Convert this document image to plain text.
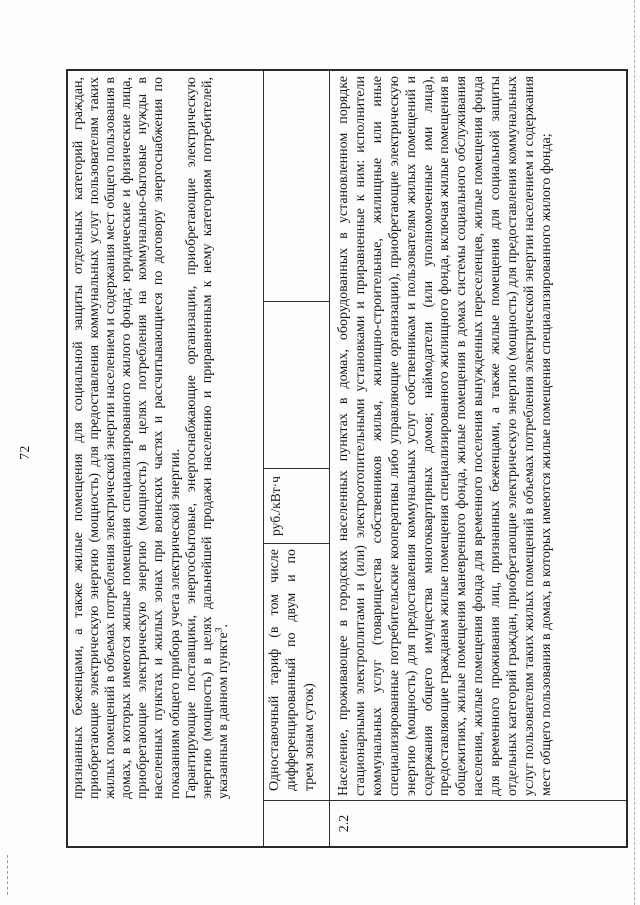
72	признанных беженцами, а также жилые помещения для социальной защиты отдельных категорий граждан, приобретающие электрическую энергию (мощность) для предоставления коммунальных услуг пользователям таких жилых помещений в объемах потребления электрической энергии населением и содержания мест общего пользования в домах, в которых имеются жилые помещения специализированного жилого фонда; юридические и физические лица, приобретающие электрическую энергию (мощность) в целях потребления на коммунально-бытовые нужды в населенных пунктах и жилых зонах при воинских частях и рассчитывающиеся по договору энергоснабжения по показаниям общего прибора учета электрической энергии. Гарантирующие поставщики, энергосбытовые, энергоснабжающие организации, приобретающие электрическую энергию (мощность) в целях дальнейшей продажи населению и приравненным к нему категориям потребителей, указанным в данном пункте$^3$.	Одноставочный тариф (в том числе дифференцированный по двум и по трем зонам суток)

руб./кВт·ч
2.2

Население, проживающее в городских населенных пунктах в домах, оборудованных в установленном порядке стационарными электроплитами и (или) электроотопительными установками и приравненные к ним: исполнители коммунальных услуг (товарищества собственников жилья, жилищно-строительные, жилищные или иные специализированные потребительские кооперативы либо управляющие организации), приобретающие электрическую энергию (мощность) для предоставления коммунальных услуг собственникам и пользователям жилых помещений и содержания общего имущества многоквартирных домов; наймодатели (или уполномоченные ими лица), предоставляющие гражданам жилые помещения специализированного жилищного фонда, включая жилые помещения в общежитиях, жилые помещения маневренного фонда, жилые помещения в домах системы социального обслуживания населения, жилые помещения фонда для временного поселения вынужденных переселенцев, жилые помещения фонда для временного проживания лиц, признанных беженцами, а также жилые помещения для социальной защиты отдельных категорий граждан, приобретающие электрическую энергию (мощность) для предоставления коммунальных услуг пользователям таких жилых помещений в объемах потребления электрической энергии населением и содержания мест общего пользования в домах, в которых имеются жилые помещения специализированного жилого фонда;
